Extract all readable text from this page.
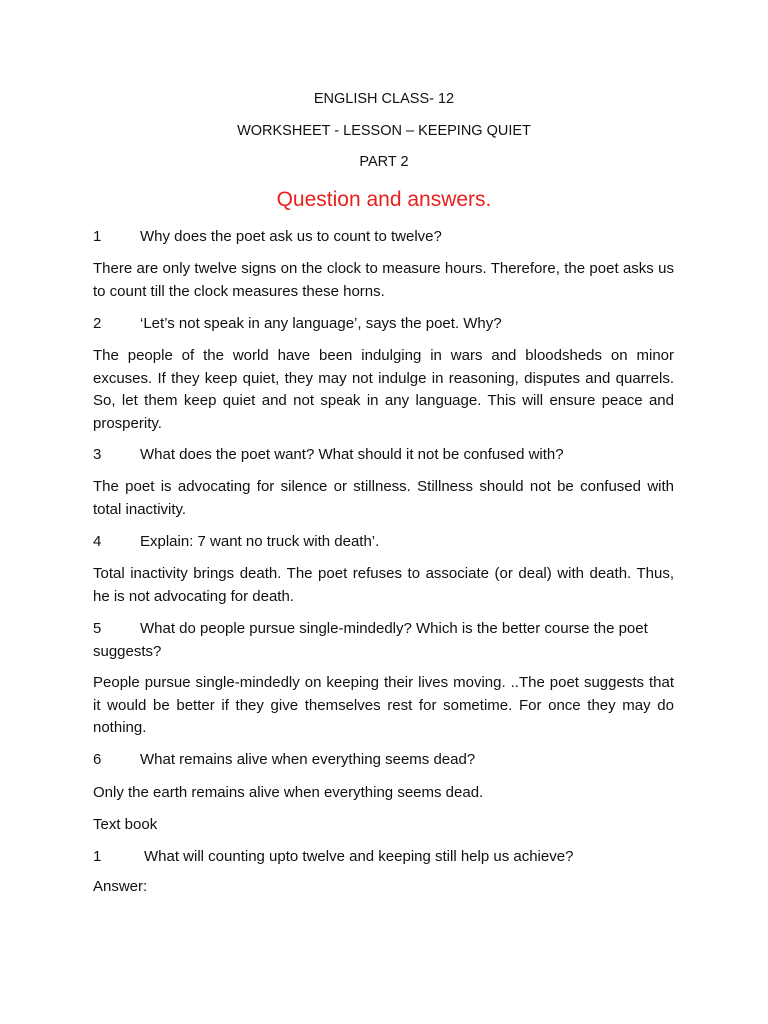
ENGLISH CLASS- 12
WORKSHEET - LESSON – KEEPING QUIET
PART 2
Question and answers.
1	Why does the poet ask us to count to twelve?
There are only twelve signs on the clock to measure hours. Therefore, the poet asks us to count till the clock measures these horns.
2	‘Let’s not speak in any language’, says the poet. Why?
The people of the world have been indulging in wars and bloodsheds on minor excuses. If they keep quiet, they may not indulge in reasoning, disputes and quarrels. So, let them keep quiet and not speak in any language. This will ensure peace and prosperity.
3	What does the poet want? What should it not be confused with?
The poet is advocating for silence or stillness. Stillness should not be confused with total inactivity.
4	Explain: 7 want no truck with death’.
Total inactivity brings death. The poet refuses to associate (or deal) with death. Thus, he is not advocating for death.
5	What do people pursue single-mindedly? Which is the better course the poet suggests?
People pursue single-mindedly on keeping their lives moving. ..The poet suggests that it would be better if they give themselves rest for sometime. For once they may do nothing.
6	What remains alive when everything seems dead?
Only the earth remains alive when everything seems dead.
Text book
1	What will counting upto twelve and keeping still help us achieve?
Answer:
